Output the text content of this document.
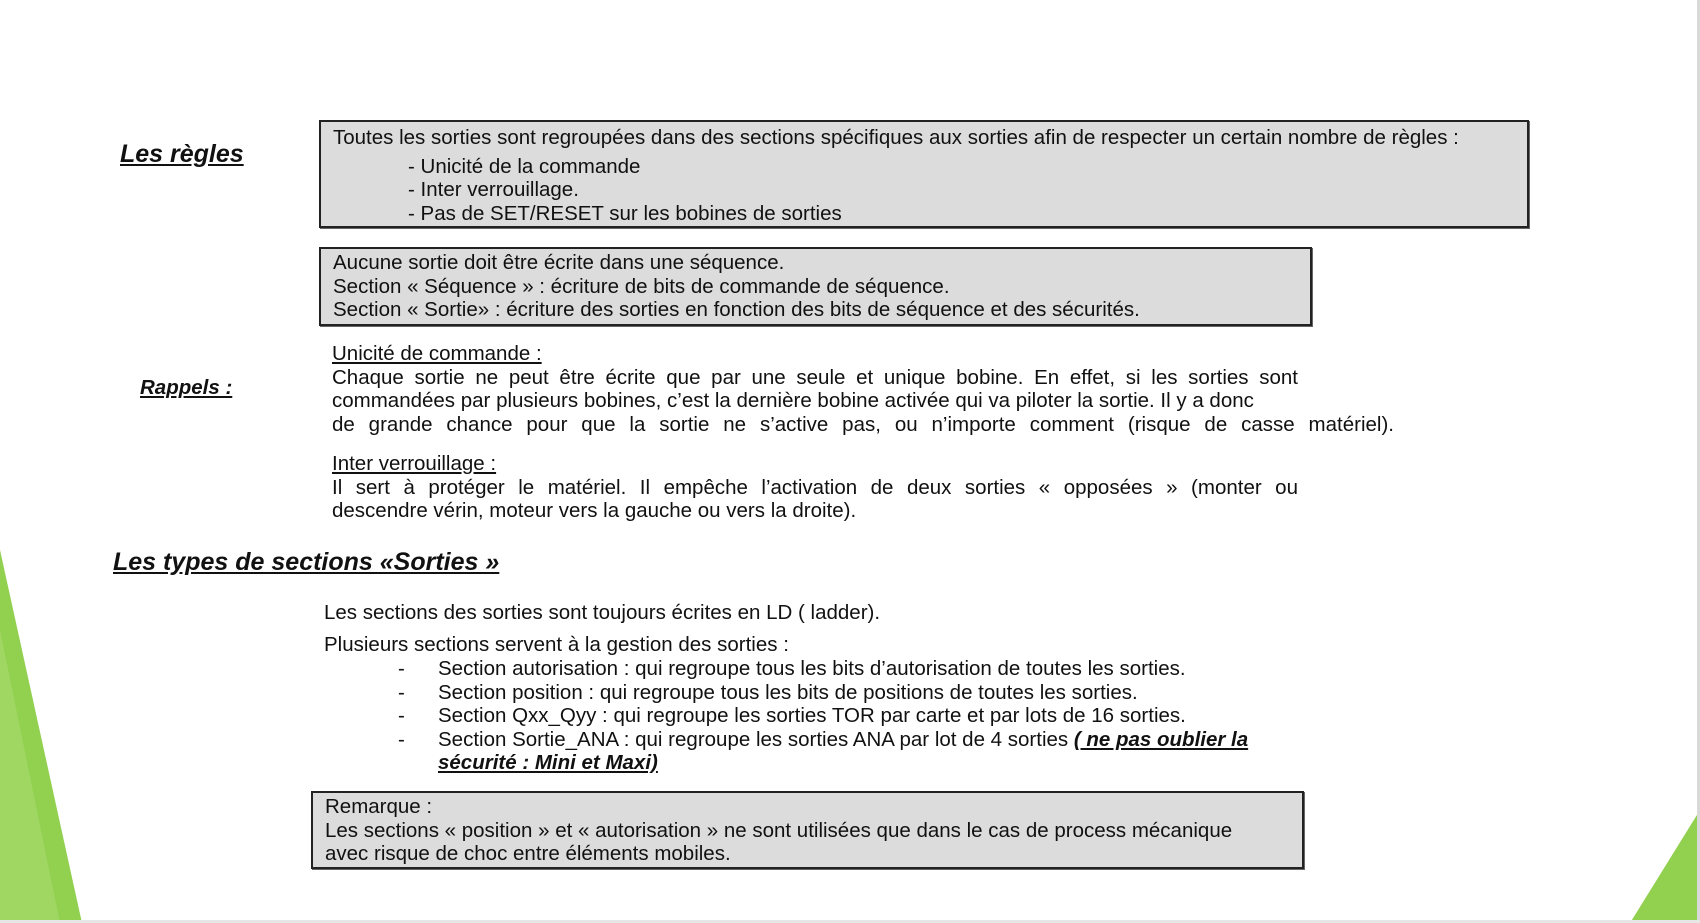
Les règles
Toutes les sorties sont regroupées dans des sections spécifiques aux sorties afin de respecter un certain nombre de règles :
- Unicité de la commande
- Inter verrouillage.
- Pas de SET/RESET sur les bobines de sorties
Aucune sortie doit être écrite dans une séquence.
Section « Séquence » : écriture de bits de commande de séquence.
Section « Sortie» : écriture des sorties en fonction des bits de séquence et des sécurités.
Rappels :
Unicité de commande :
Chaque sortie ne peut être écrite que par une seule et unique bobine. En effet, si les sorties sont
commandées par plusieurs bobines, c’est la dernière bobine activée qui va piloter la sortie. Il y a donc
de grande chance pour que la sortie ne s’active pas, ou n’importe comment (risque de casse matériel).
Inter verrouillage :
Il sert à protéger le matériel. Il empêche l’activation de deux sorties « opposées » (monter ou
descendre vérin, moteur vers la gauche ou vers la droite).
Les types de sections «Sorties »
Les sections des sorties sont toujours écrites en LD ( ladder).
Plusieurs sections servent à la gestion des sorties :
- Section autorisation : qui regroupe tous les bits d’autorisation de toutes les sorties.
- Section position : qui regroupe tous les bits de positions de toutes les sorties.
- Section Qxx_Qyy : qui regroupe les sorties TOR par carte et par lots de 16 sorties.
- Section Sortie_ANA : qui regroupe les sorties ANA par lot de 4 sorties ( ne pas oublier la
sécurité : Mini et Maxi)
Remarque :
Les sections « position » et « autorisation » ne sont utilisées que dans le cas de process mécanique
avec risque de choc entre éléments mobiles.
